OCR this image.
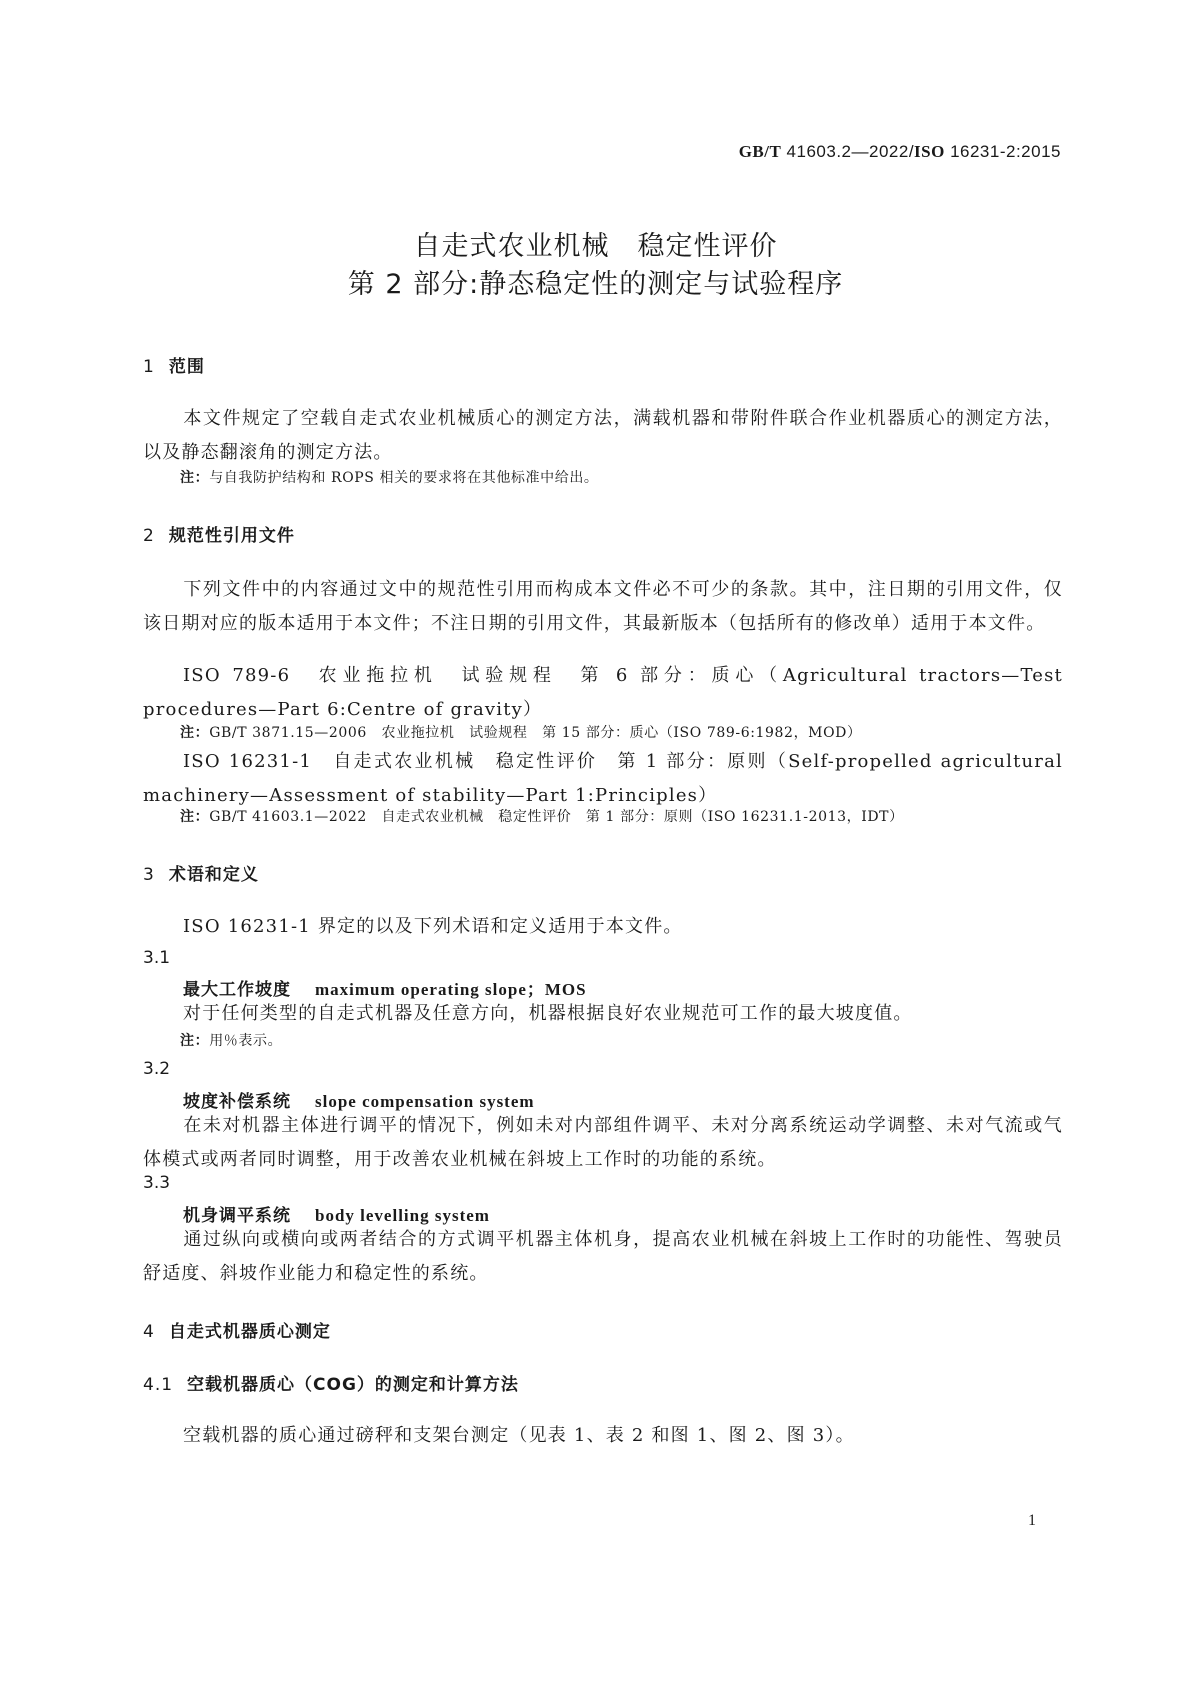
GB/T 41603.2—2022/ISO 16231-2:2015
自走式农业机械　稳定性评价
第 2 部分:静态稳定性的测定与试验程序
1 范围
本文件规定了空载自走式农业机械质心的测定方法，满载机器和带附件联合作业机器质心的测定方法，以及静态翻滚角的测定方法。
注：与自我防护结构和 ROPS 相关的要求将在其他标准中给出。
2 规范性引用文件
下列文件中的内容通过文中的规范性引用而构成本文件必不可少的条款。其中，注日期的引用文件，仅该日期对应的版本适用于本文件；不注日期的引用文件，其最新版本（包括所有的修改单）适用于本文件。
ISO 789-6　农业拖拉机　试验规程　第 6 部分：质心（Agricultural tractors—Test procedures—Part 6:Centre of gravity）
注：GB/T 3871.15—2006　农业拖拉机　试验规程　第 15 部分：质心（ISO 789-6:1982，MOD）
ISO 16231-1　自走式农业机械　稳定性评价　第 1 部分：原则（Self-propelled agricultural machinery—Assessment of stability—Part 1:Principles）
注：GB/T 41603.1—2022　自走式农业机械　稳定性评价　第 1 部分：原则（ISO 16231.1-2013，IDT）
3 术语和定义
ISO 16231-1 界定的以及下列术语和定义适用于本文件。
3.1
最大工作坡度 maximum operating slope；MOS
对于任何类型的自走式机器及任意方向，机器根据良好农业规范可工作的最大坡度值。
注：用％表示。
3.2
坡度补偿系统 slope compensation system
在未对机器主体进行调平的情况下，例如未对内部组件调平、未对分离系统运动学调整、未对气流或气体模式或两者同时调整，用于改善农业机械在斜坡上工作时的功能的系统。
3.3
机身调平系统 body levelling system
通过纵向或横向或两者结合的方式调平机器主体机身，提高农业机械在斜坡上工作时的功能性、驾驶员舒适度、斜坡作业能力和稳定性的系统。
4 自走式机器质心测定
4.1 空载机器质心（COG）的测定和计算方法
空载机器的质心通过磅秤和支架台测定（见表 1、表 2 和图 1、图 2、图 3）。
1
